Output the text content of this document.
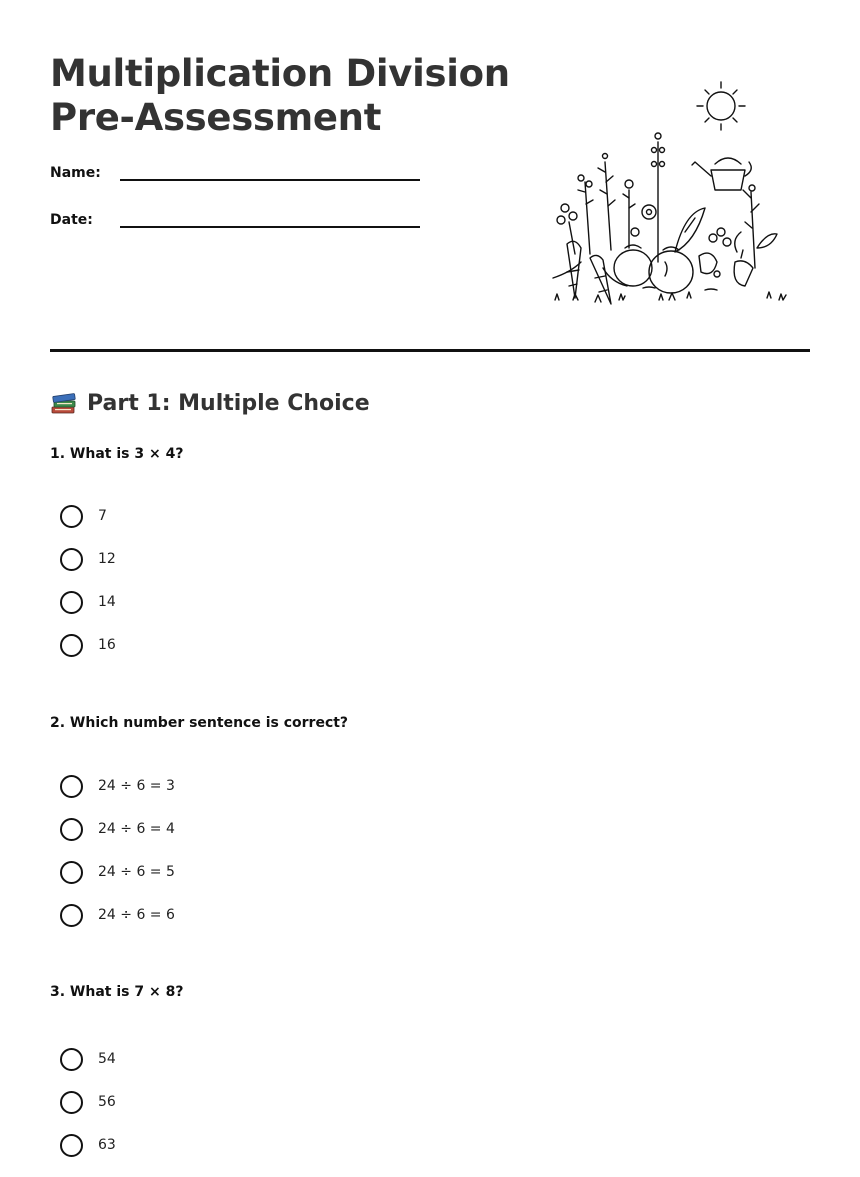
Multiplication Division
Pre-Assessment
Name:
Date:
Part 1: Multiple Choice

1. What is 3 × 4?

7
12
14
16

2. Which number sentence is correct?

24 ÷ 6 = 3
24 ÷ 6 = 4
24 ÷ 6 = 5
24 ÷ 6 = 6

3. What is 7 × 8?

54
56
63
